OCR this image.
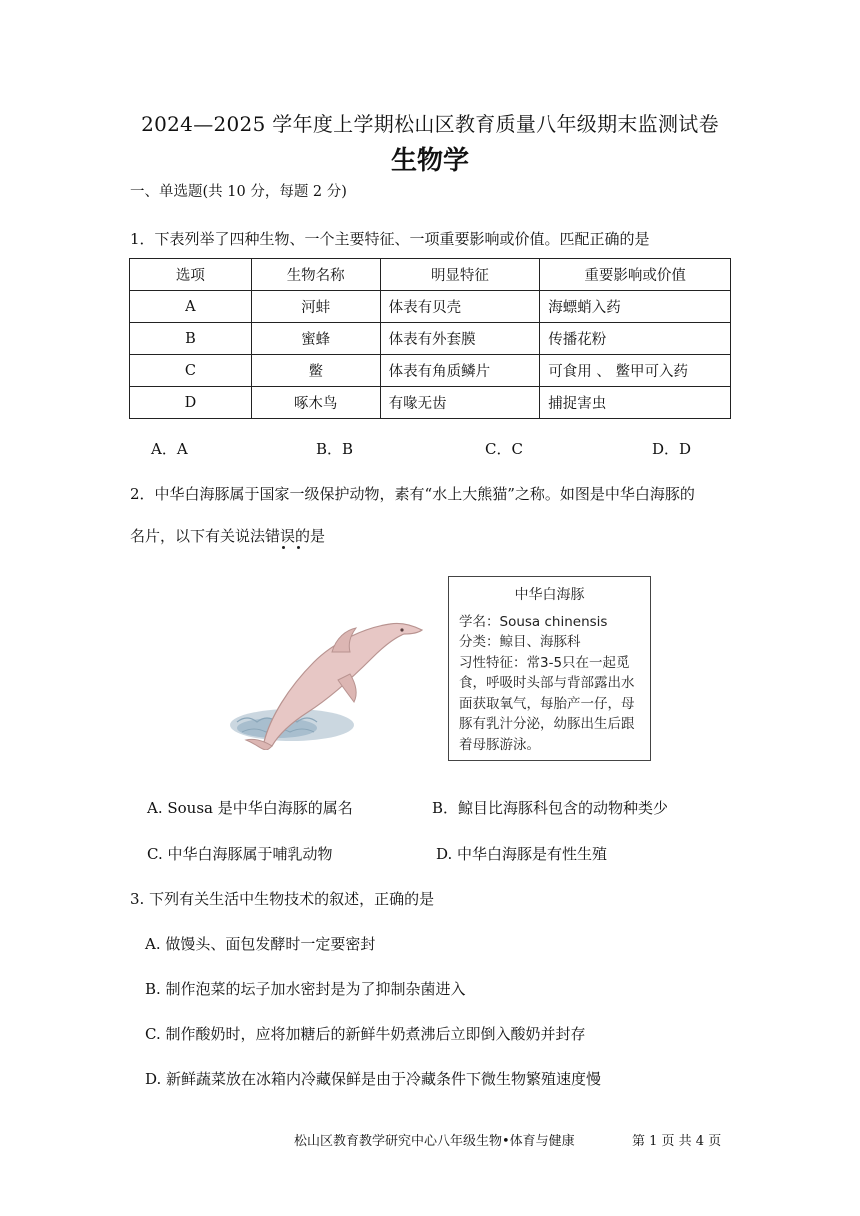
2024—2025 学年度上学期松山区教育质量八年级期末监测试卷
生物学
一、单选题(共 10 分，每题 2 分)
1．下表列举了四种生物、一个主要特征、一项重要影响或价值。匹配正确的是
选项	生物名称	明显特征	重要影响或价值
A	河蚌	体表有贝壳	海螵蛸入药
B	蜜蜂	体表有外套膜	传播花粉
C	鳖	体表有角质鳞片	可食用 、 鳖甲可入药
D	啄木鸟	有喙无齿	捕捉害虫
A．A	B．B	C．C	D．D
2．中华白海豚属于国家一级保护动物，素有“水上大熊猫”之称。如图是中华白海豚的
名片，以下有关说法错误的是
中华白海豚
学名：Sousa chinensis
分类：鲸目、海豚科
习性特征：常3-5只在一起觅食，呼吸时头部与背部露出水面获取氧气，每胎产一仔，母豚有乳汁分泌，幼豚出生后跟着母豚游泳。
A. Sousa 是中华白海豚的属名	B．鲸目比海豚科包含的动物种类少
C. 中华白海豚属于哺乳动物	D. 中华白海豚是有性生殖
3. 下列有关生活中生物技术的叙述，正确的是
A. 做馒头、面包发酵时一定要密封
B. 制作泡菜的坛子加水密封是为了抑制杂菌进入
C. 制作酸奶时，应将加糖后的新鲜牛奶煮沸后立即倒入酸奶并封存
D. 新鲜蔬菜放在冰箱内冷藏保鲜是由于冷藏条件下微生物繁殖速度慢
松山区教育教学研究中心八年级生物•体育与健康	第 1 页 共 4 页
